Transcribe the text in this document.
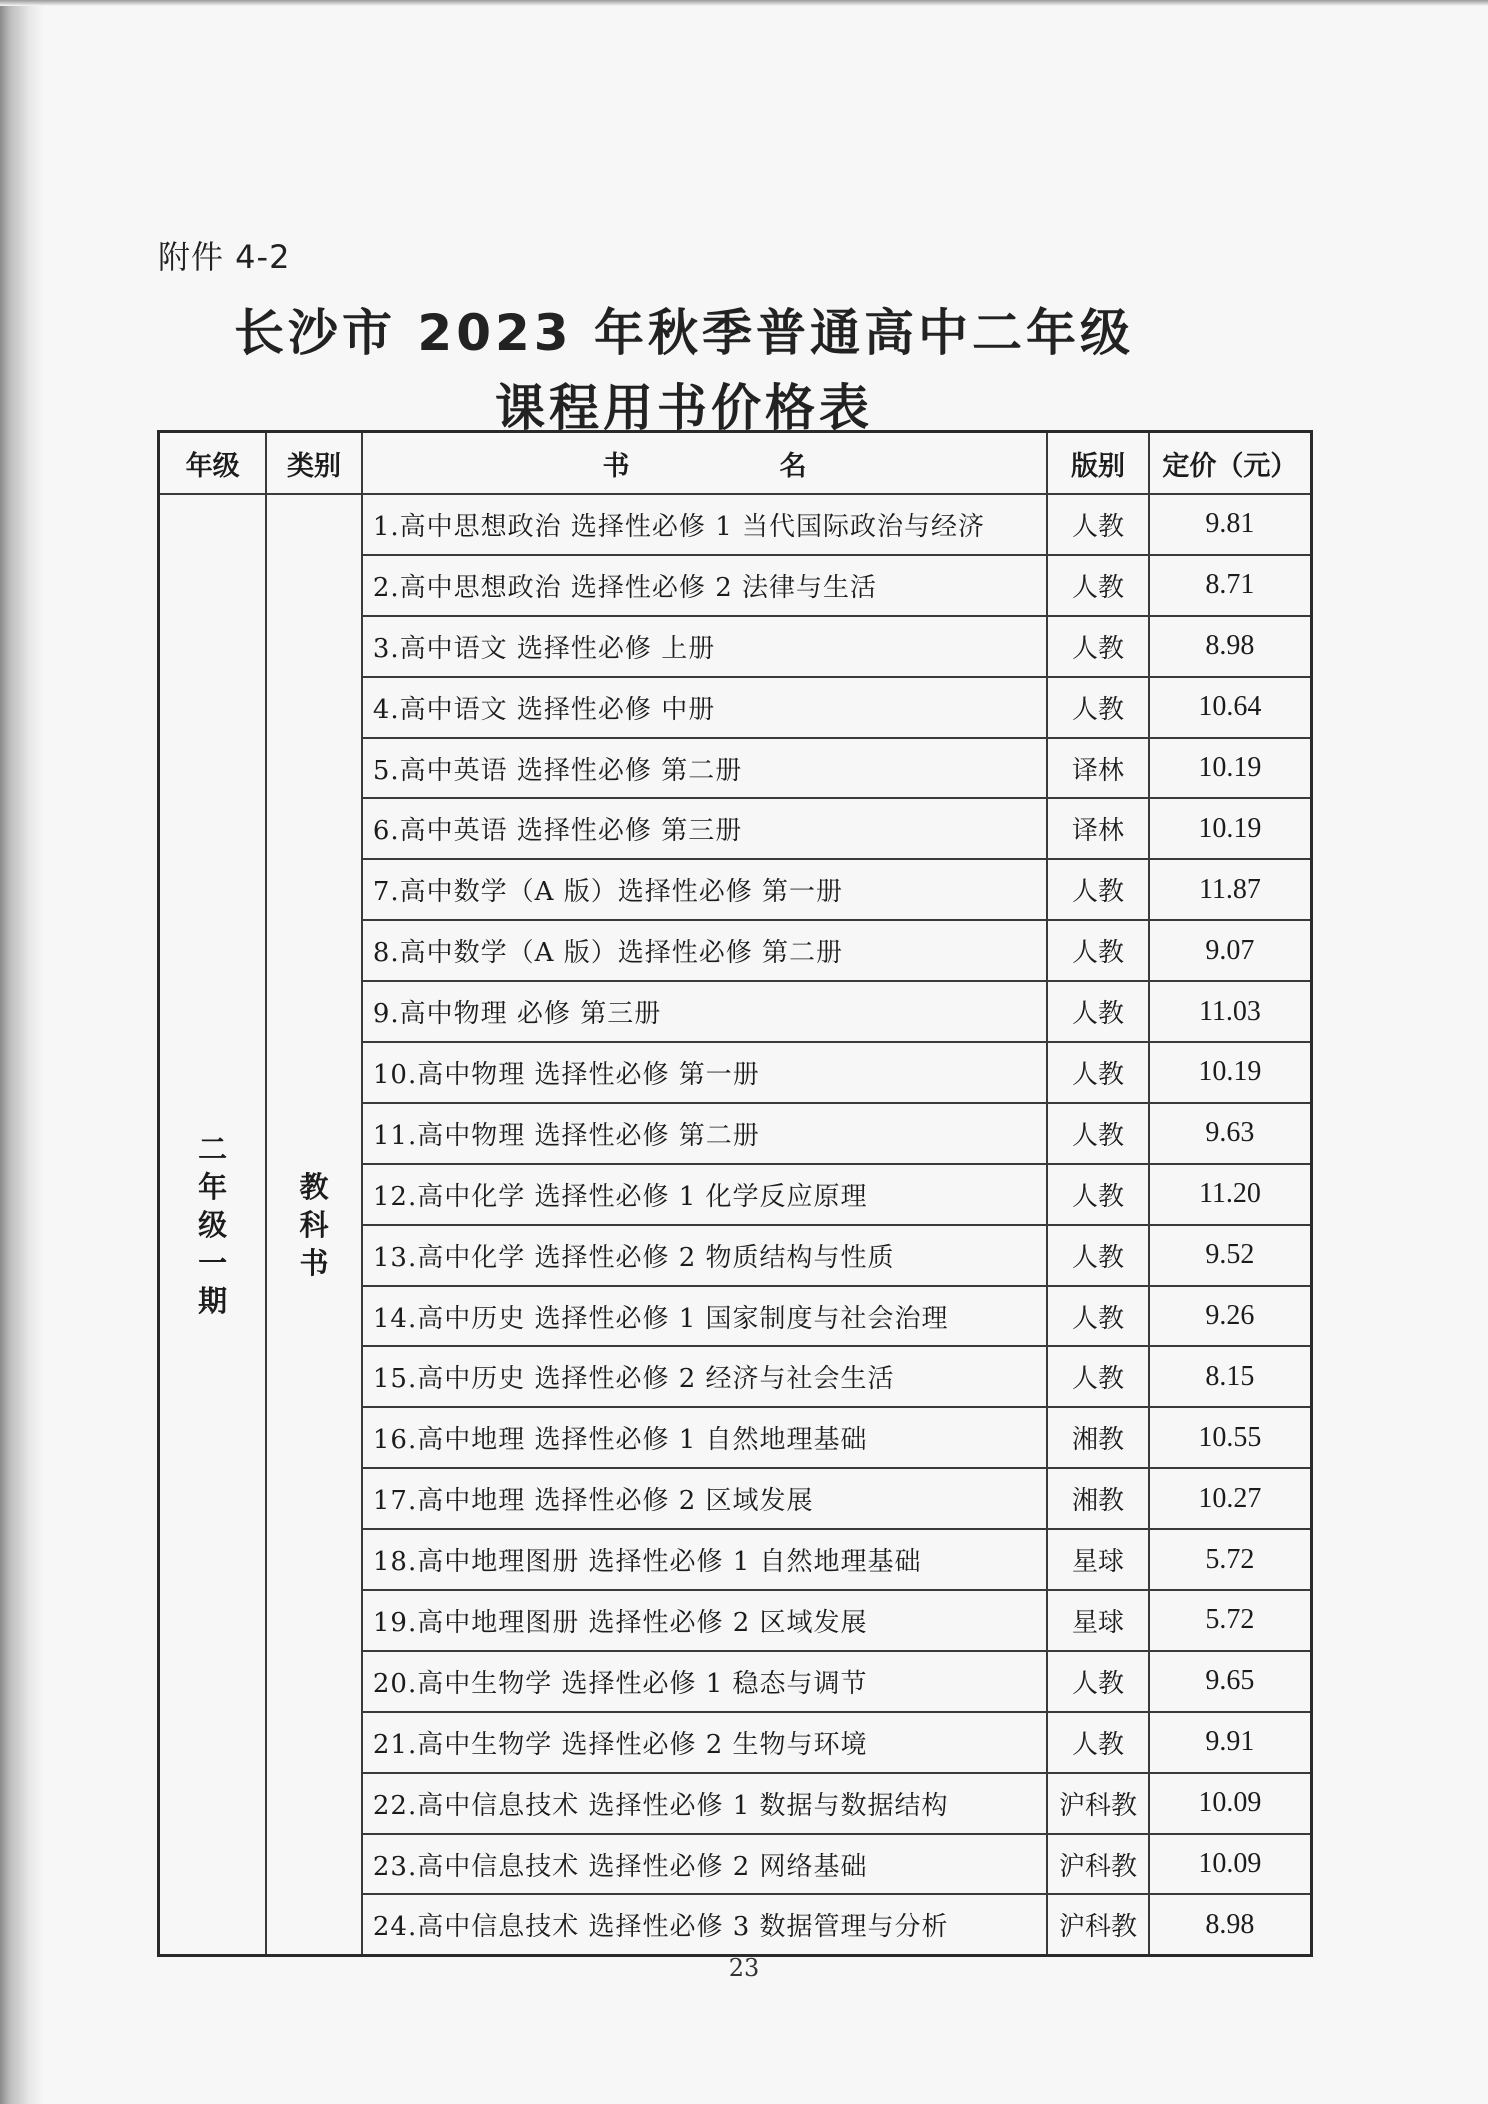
附件 4-2
长沙市 2023 年秋季普通高中二年级
课程用书价格表
年级	类别	书名	版别	定价（元）
二年级一期	教科书	1.高中思想政治 选择性必修 1 当代国际政治与经济	人教	9.81
		2.高中思想政治 选择性必修 2 法律与生活	人教	8.71
		3.高中语文 选择性必修 上册	人教	8.98
		4.高中语文 选择性必修 中册	人教	10.64
		5.高中英语 选择性必修 第二册	译林	10.19
		6.高中英语 选择性必修 第三册	译林	10.19
		7.高中数学（A 版）选择性必修 第一册	人教	11.87
		8.高中数学（A 版）选择性必修 第二册	人教	9.07
		9.高中物理 必修 第三册	人教	11.03
		10.高中物理 选择性必修 第一册	人教	10.19
		11.高中物理 选择性必修 第二册	人教	9.63
		12.高中化学 选择性必修 1 化学反应原理	人教	11.20
		13.高中化学 选择性必修 2 物质结构与性质	人教	9.52
		14.高中历史 选择性必修 1 国家制度与社会治理	人教	9.26
		15.高中历史 选择性必修 2 经济与社会生活	人教	8.15
		16.高中地理 选择性必修 1 自然地理基础	湘教	10.55
		17.高中地理 选择性必修 2 区域发展	湘教	10.27
		18.高中地理图册 选择性必修 1 自然地理基础	星球	5.72
		19.高中地理图册 选择性必修 2 区域发展	星球	5.72
		20.高中生物学 选择性必修 1 稳态与调节	人教	9.65
		21.高中生物学 选择性必修 2 生物与环境	人教	9.91
		22.高中信息技术 选择性必修 1 数据与数据结构	沪科教	10.09
		23.高中信息技术 选择性必修 2 网络基础	沪科教	10.09
		24.高中信息技术 选择性必修 3 数据管理与分析	沪科教	8.98
23
